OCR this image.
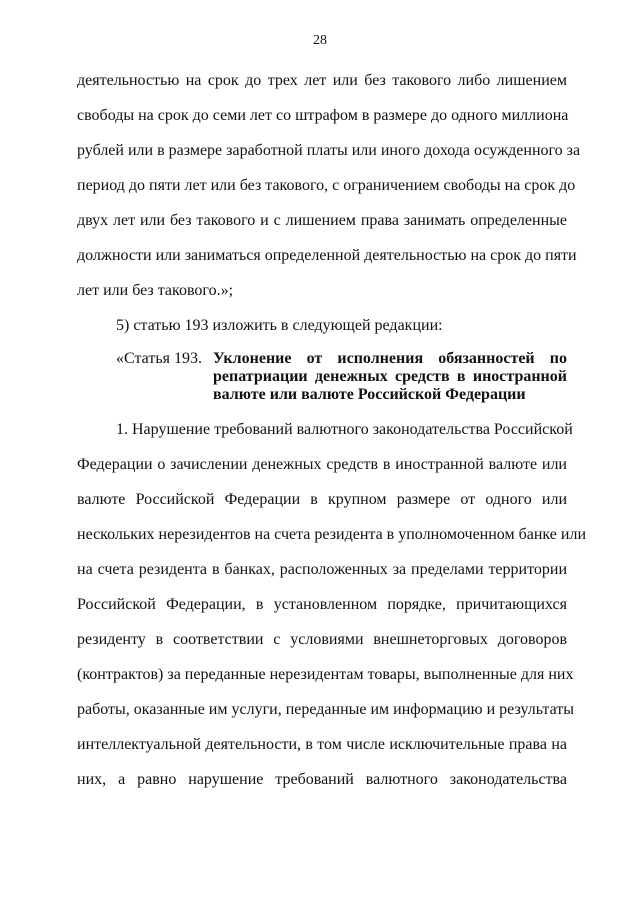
28
деятельностью на срок до трех лет или без такового либо лишением
свободы на срок до семи лет со штрафом в размере до одного миллиона
рублей или в размере заработной платы или иного дохода осужденного за
период до пяти лет или без такового, с ограничением свободы на срок до
двух лет или без такового и с лишением права занимать определенные
должности или заниматься определенной деятельностью на срок до пяти
лет или без такового.»;
5) статью 193 изложить в следующей редакции:
«Статья 193. Уклонение от исполнения обязанностей по
репатриации денежных средств в иностранной
валюте или валюте Российской Федерации
1. Нарушение требований валютного законодательства Российской
Федерации о зачислении денежных средств в иностранной валюте или
валюте Российской Федерации в крупном размере от одного или
нескольких нерезидентов на счета резидента в уполномоченном банке или
на счета резидента в банках, расположенных за пределами территории
Российской Федерации, в установленном порядке, причитающихся
резиденту в соответствии с условиями внешнеторговых договоров
(контрактов) за переданные нерезидентам товары, выполненные для них
работы, оказанные им услуги, переданные им информацию и результаты
интеллектуальной деятельности, в том числе исключительные права на
них, а равно нарушение требований валютного законодательства
